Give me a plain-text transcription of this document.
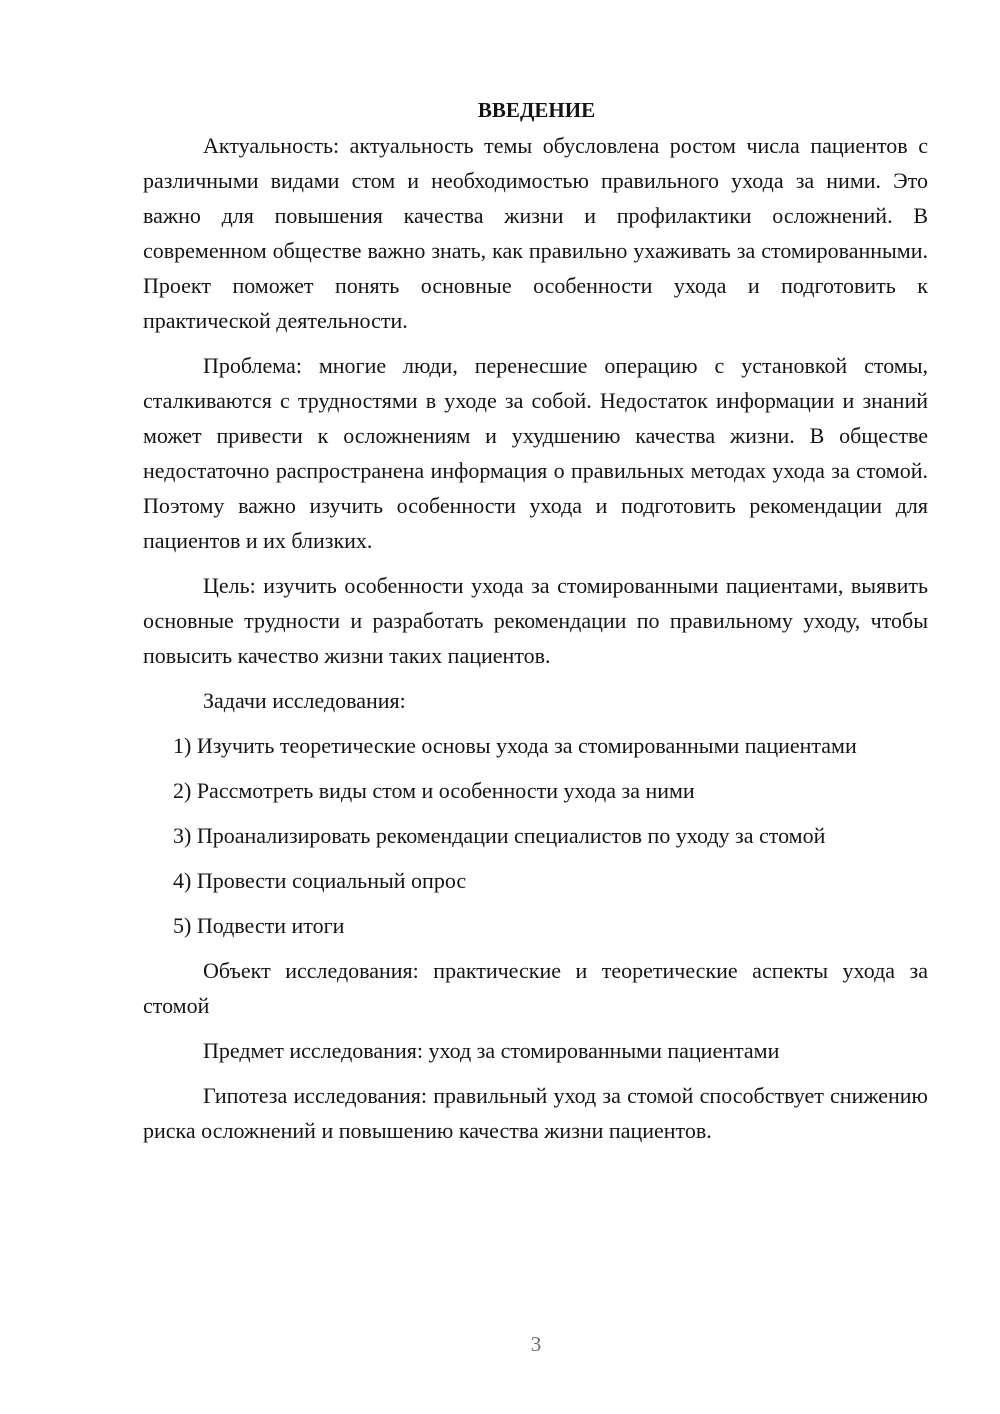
ВВЕДЕНИЕ

Актуальность: актуальность темы обусловлена ростом числа пациентов с различными видами стом и необходимостью правильного ухода за ними. Это важно для повышения качества жизни и профилактики осложнений. В современном обществе важно знать, как правильно ухаживать за стомированными. Проект поможет понять основные особенности ухода и подготовить к практической деятельности.

Проблема: многие люди, перенесшие операцию с установкой стомы, сталкиваются с трудностями в уходе за собой. Недостаток информации и знаний может привести к осложнениям и ухудшению качества жизни. В обществе недостаточно распространена информация о правильных методах ухода за стомой. Поэтому важно изучить особенности ухода и подготовить рекомендации для пациентов и их близких.

Цель: изучить особенности ухода за стомированными пациентами, выявить основные трудности и разработать рекомендации по правильному уходу, чтобы повысить качество жизни таких пациентов.

Задачи исследования:

1) Изучить теоретические основы ухода за стомированными пациентами

2) Рассмотреть виды стом и особенности ухода за ними

3) Проанализировать рекомендации специалистов по уходу за стомой

4) Провести социальный опрос

5) Подвести итоги

Объект исследования: практические и теоретические аспекты ухода за стомой

Предмет исследования: уход за стомированными пациентами

Гипотеза исследования: правильный уход за стомой способствует снижению риска осложнений и повышению качества жизни пациентов.

3
